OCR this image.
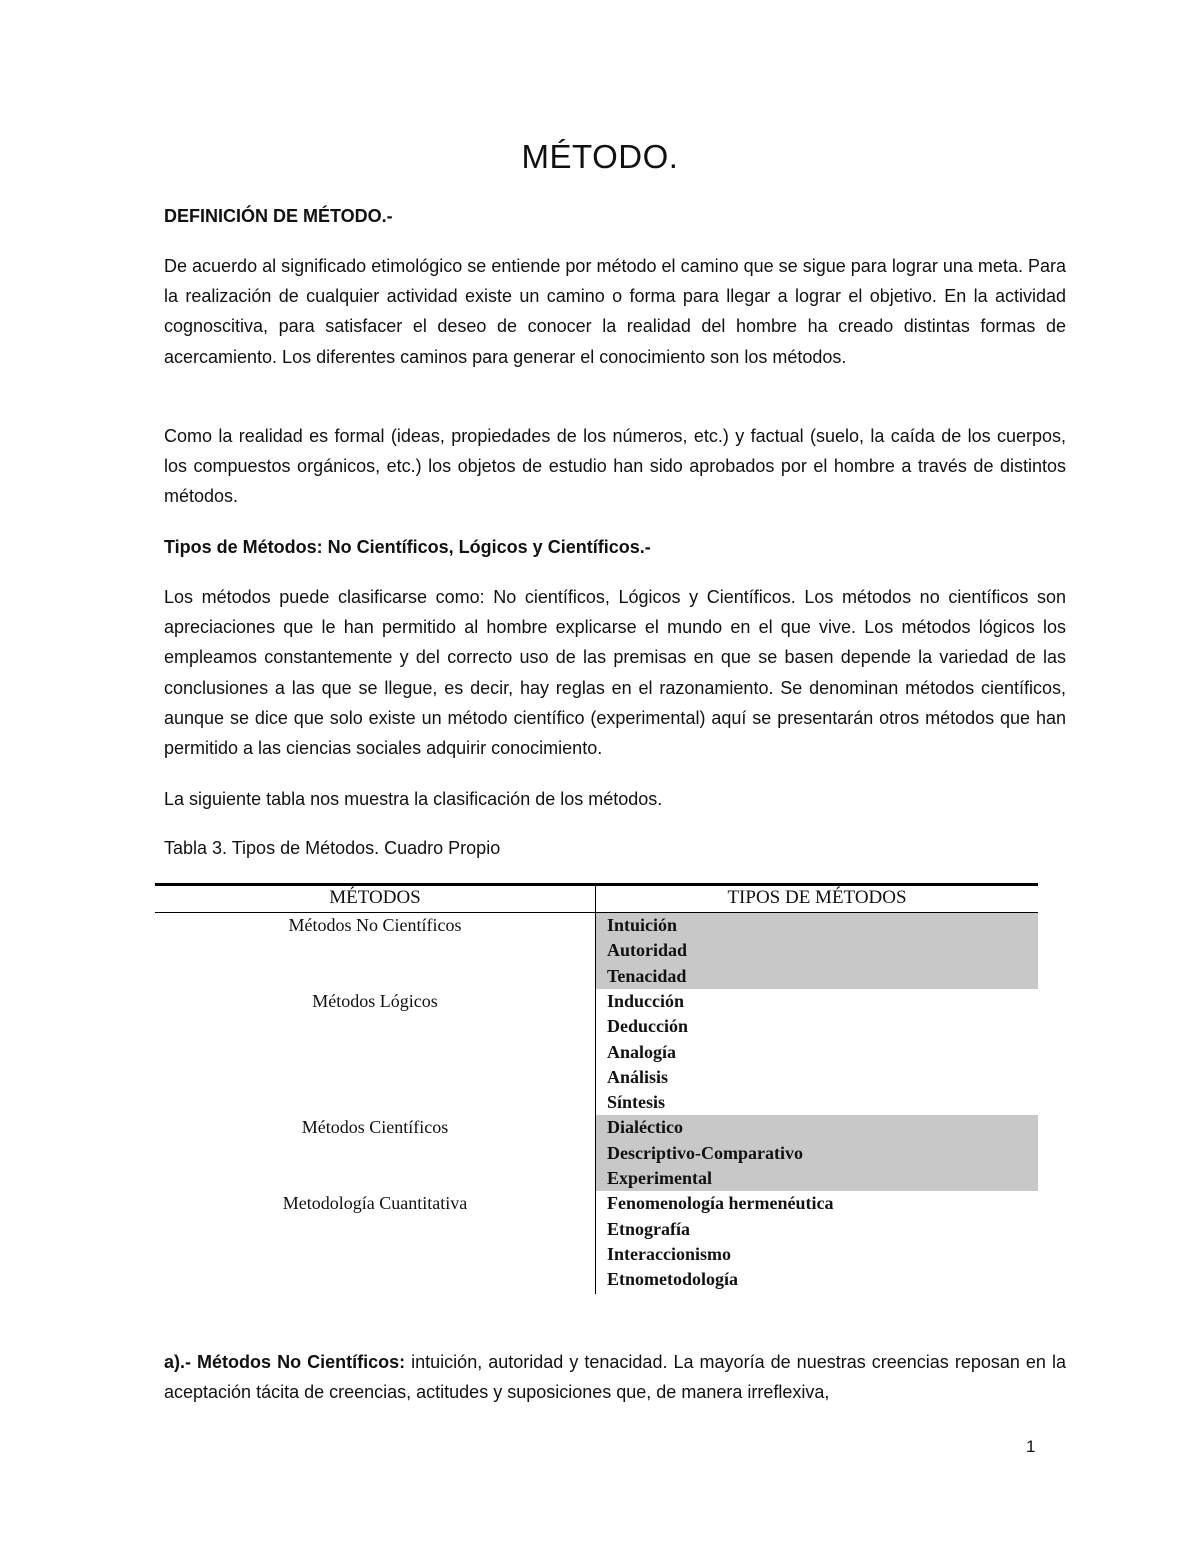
MÉTODO.
DEFINICIÓN DE MÉTODO.-

De acuerdo al significado etimológico se entiende por método el camino que se sigue para lograr una meta. Para la realización de cualquier actividad existe un camino o forma para llegar a lograr el objetivo. En la actividad cognoscitiva, para satisfacer el deseo de conocer la realidad del hombre ha creado distintas formas de acercamiento. Los diferentes caminos para generar el conocimiento son los métodos.

Como la realidad es formal (ideas, propiedades de los números, etc.) y factual (suelo, la caída de los cuerpos, los compuestos orgánicos, etc.) los objetos de estudio han sido aprobados por el hombre a través de distintos métodos.

Tipos de Métodos: No Científicos, Lógicos y Científicos.-

Los métodos puede clasificarse como: No científicos, Lógicos y Científicos. Los métodos no científicos son apreciaciones que le han permitido al hombre explicarse el mundo en el que vive. Los métodos lógicos los empleamos constantemente y del correcto uso de las premisas en que se basen depende la variedad de las conclusiones a las que se llegue, es decir, hay reglas en el razonamiento. Se denominan métodos científicos, aunque se dice que solo existe un método científico (experimental) aquí se presentarán otros métodos que han permitido a las ciencias sociales adquirir conocimiento.

La siguiente tabla nos muestra la clasificación de los métodos.
Tabla 3. Tipos de Métodos. Cuadro Propio
MÉTODOS	TIPOS DE MÉTODOS
Métodos No Científicos	Intuición
Autoridad
Tenacidad
Métodos Lógicos	Inducción
Deducción
Analogía
Análisis
Síntesis
Métodos Científicos	Dialéctico
Descriptivo-Comparativo
Experimental
Metodología Cuantitativa	Fenomenología hermenéutica
Etnografía
Interaccionismo
Etnometodología
a).- Métodos No Científicos: intuición, autoridad y tenacidad. La mayoría de nuestras creencias reposan en la aceptación tácita de creencias, actitudes y suposiciones que, de manera irreflexiva,
1
